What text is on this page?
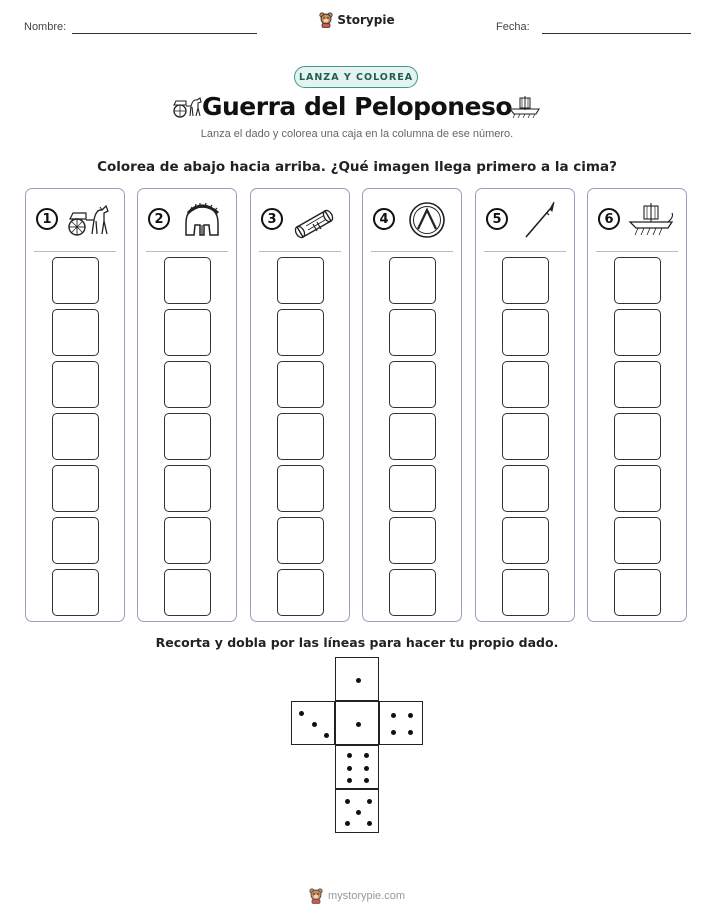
Nombre:	Storypie	Fecha:
LANZA Y COLOREA
Guerra del Peloponeso
Lanza el dado y colorea una caja en la columna de ese número.
Colorea de abajo hacia arriba. ¿Qué imagen llega primero a la cima?
1	2	3	4	5	6
Recorta y dobla por las líneas para hacer tu propio dado.
mystorypie.com
